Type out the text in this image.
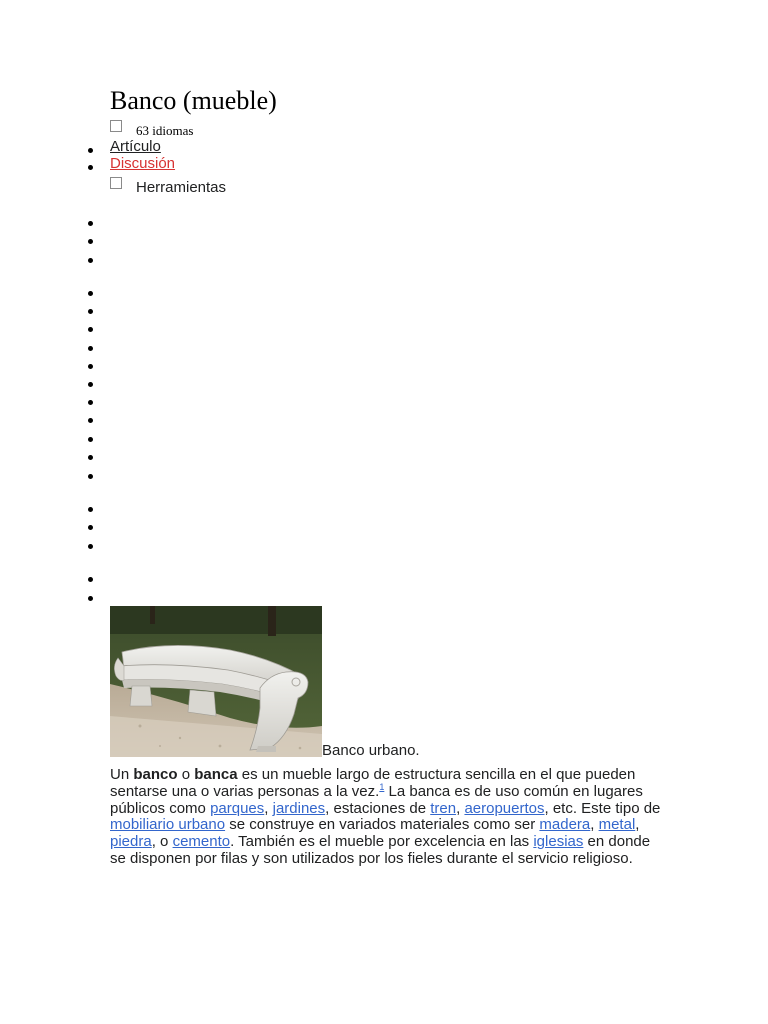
Banco (mueble)
63 idiomas
Artículo
Discusión
Herramientas
Banco urbano.

Un banco o banca es un mueble largo de estructura sencilla en el que pueden sentarse una o varias personas a la vez.$^1$ La banca es de uso común en lugares públicos como parques, jardines, estaciones de tren, aeropuertos, etc. Este tipo de mobiliario urbano se construye en variados materiales como ser madera, metal, piedra, o cemento. También es el mueble por excelencia en las iglesias en donde se disponen por filas y son utilizados por los fieles durante el servicio religioso.
